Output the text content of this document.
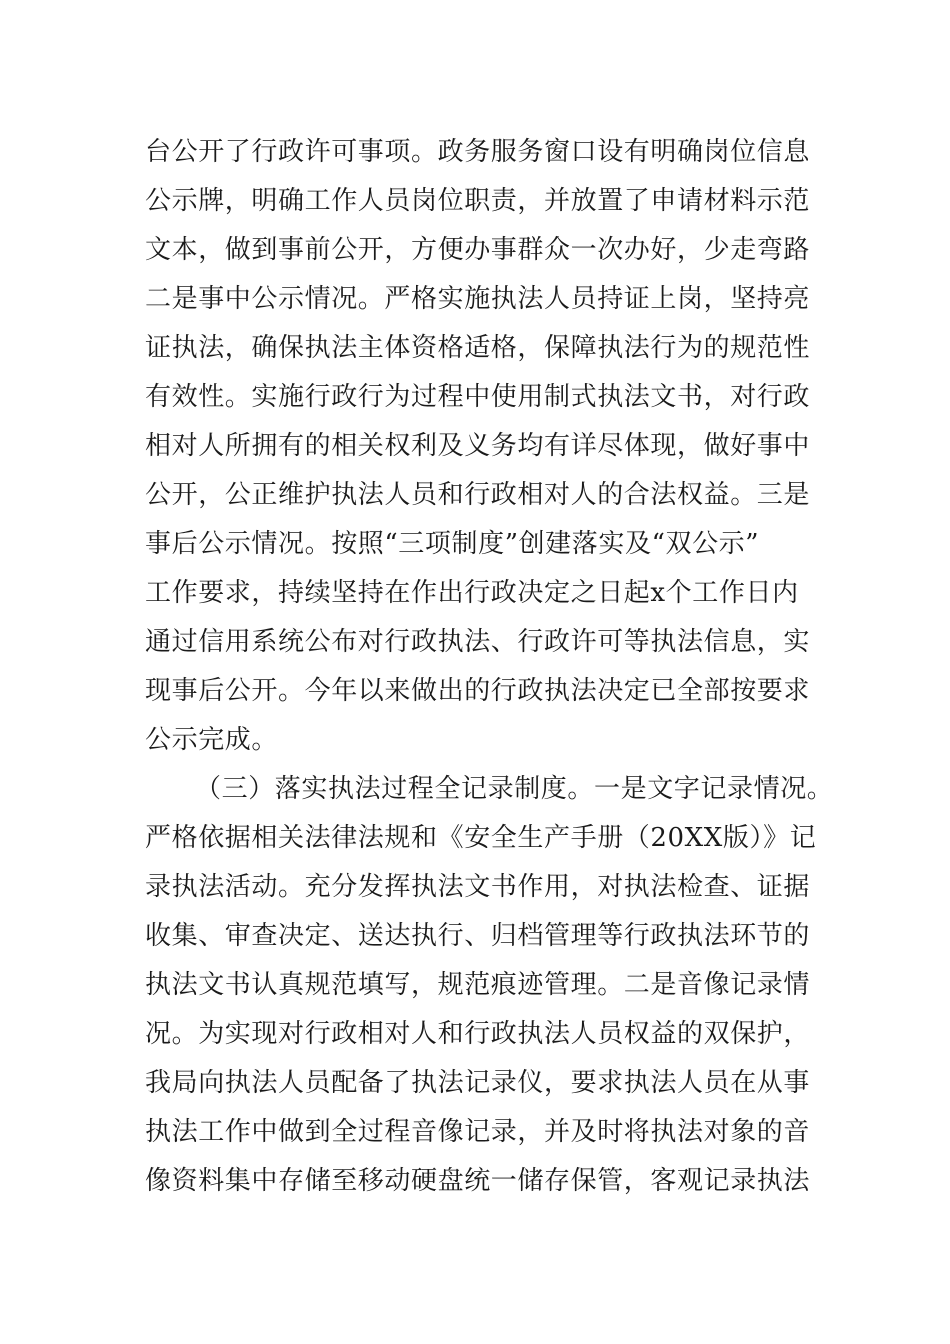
台公开了行政许可事项。政务服务窗口设有明确岗位信息
公示牌，明确工作人员岗位职责，并放置了申请材料示范
文本，做到事前公开，方便办事群众一次办好，少走弯路
二是事中公示情况。严格实施执法人员持证上岗，坚持亮
证执法，确保执法主体资格适格，保障执法行为的规范性
有效性。实施行政行为过程中使用制式执法文书，对行政
相对人所拥有的相关权利及义务均有详尽体现，做好事中
公开，公正维护执法人员和行政相对人的合法权益。三是
事后公示情况。按照“三项制度”创建落实及“双公示”
工作要求，持续坚持在作出行政决定之日起x个工作日内
通过信用系统公布对行政执法、行政许可等执法信息，实
现事后公开。今年以来做出的行政执法决定已全部按要求
公示完成。
（三）落实执法过程全记录制度。一是文字记录情况。
严格依据相关法律法规和《安全生产手册（20XX版）》记
录执法活动。充分发挥执法文书作用，对执法检查、证据
收集、审查决定、送达执行、归档管理等行政执法环节的
执法文书认真规范填写，规范痕迹管理。二是音像记录情
况。为实现对行政相对人和行政执法人员权益的双保护，
我局向执法人员配备了执法记录仪，要求执法人员在从事
执法工作中做到全过程音像记录，并及时将执法对象的音
像资料集中存储至移动硬盘统一储存保管，客观记录执法
